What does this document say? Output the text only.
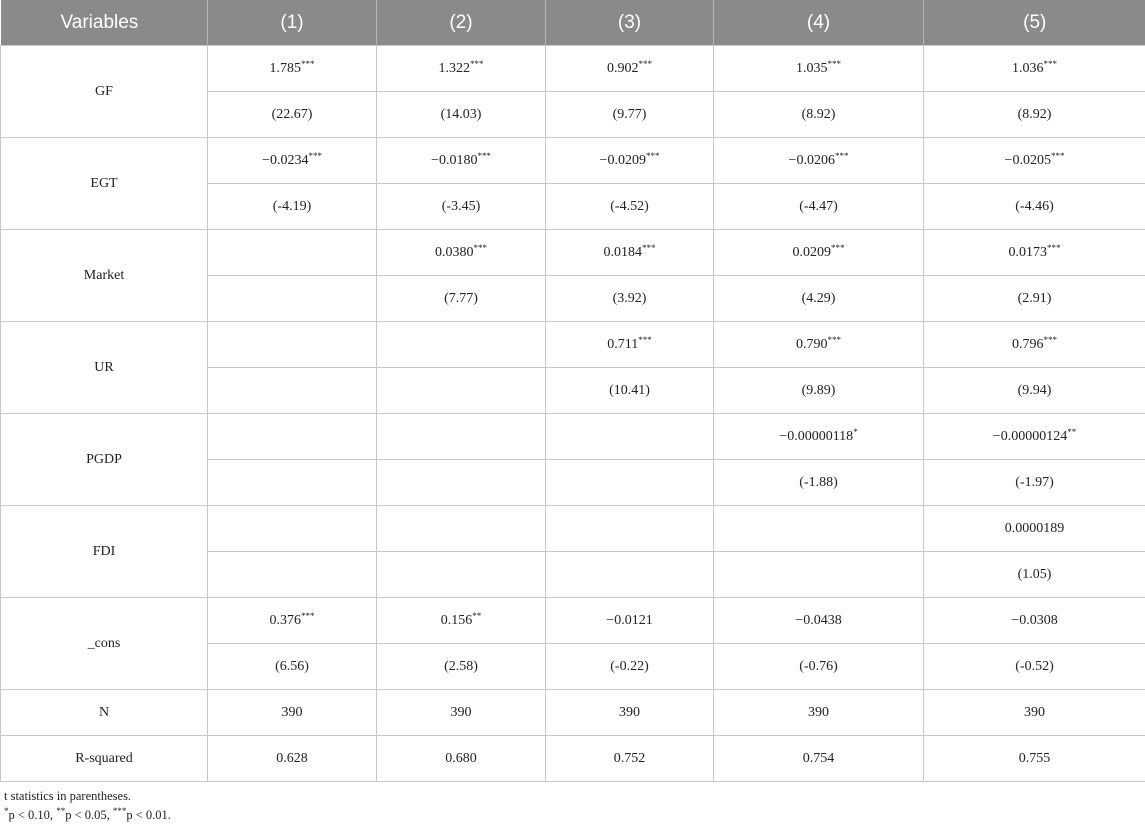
Variables	(1)	(2)	(3)	(4)	(5)
GF	1.785***	1.322***	0.902***	1.035***	1.036***
	(22.67)	(14.03)	(9.77)	(8.92)	(8.92)
EGT	−0.0234***	−0.0180***	−0.0209***	−0.0206***	−0.0205***
	(-4.19)	(-3.45)	(-4.52)	(-4.47)	(-4.46)
Market		0.0380***	0.0184***	0.0209***	0.0173***
		(7.77)	(3.92)	(4.29)	(2.91)
UR			0.711***	0.790***	0.796***
			(10.41)	(9.89)	(9.94)
PGDP				−0.00000118*	−0.00000124**
				(-1.88)	(-1.97)
FDI					0.0000189
					(1.05)
_cons	0.376***	0.156**	−0.0121	−0.0438	−0.0308
	(6.56)	(2.58)	(-0.22)	(-0.76)	(-0.52)
N	390	390	390	390	390
R-squared	0.628	0.680	0.752	0.754	0.755
t statistics in parentheses.
*p < 0.10, **p < 0.05, ***p < 0.01.
